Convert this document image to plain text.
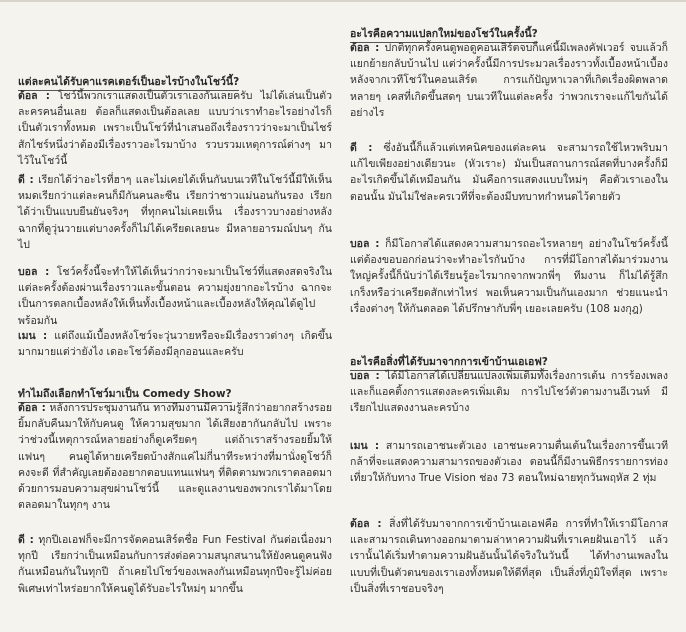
แต่ละคนได้รับคาแรคเตอร์เป็นอะไรบ้างในโชว์นี้?

ต้อล : โชว์นี้พวกเราแสดงเป็นตัวเราเองกันเลยครับ ไม่ได้เล่นเป็นตัวละครคนอื่นเลย ต้อลก็แสดงเป็นต้อลเลย แบบว่าเราทำอะไรอย่างไรก็เป็นตัวเราทั้งหมด เพราะเป็นโชว์ที่นำเสนอถึงเรื่องราวว่าจะมาเป็นไชร์สักไชร์หนึ่งว่าต้องมีเรื่องราวอะไรมาบ้าง รวบรวมเหตุการณ์ต่างๆ มาไว้ในโชว์นี้

ดี : เรียกได้ว่าอะไรที่ฮาๆ และไม่เคยได้เห็นกันบนเวทีในโชว์นี้มีให้เห็นหมดเรียกว่าแต่ละคนก็มีกันคนละซีน เรียกว่าชาวแม่นอนกันรอง เรียกได้ว่าเป็นแบบยืนยันจริงๆ ที่ทุกคนไม่เคยเห็น เรื่องราวบางอย่างหลังฉากที่ดูวุ่นวายแต่บางครั้งก็ไม่ได้เครียดเลยนะ มีหลายอารมณ์ปนๆ กันไป

บอล : โชว์ครั้งนี้จะทำให้ได้เห็นว่ากว่าจะมาเป็นโชว์ที่แสดงสดจริงในแต่ละครั้งต้องผ่านเรื่องราวและขั้นตอน ความยุ่งยากอะไรบ้าง ฉากจะเป็นการตลกเบื้องหลังให้เห็นทั้งเบื้องหน้าและเบื้องหลังให้คุณได้ดูไปพร้อมกัน

เมน : แต่ถึงแม้เบื้องหลังโชว์จะวุ่นวายหรือจะมีเรื่องราวต่างๆ เกิดขึ้นมากมายแต่ว่ายังไง เดอะโชว์ต้องมีลุกออนและครับ

ทำไมถึงเลือกทำโชว์มาเป็น Comedy Show?

ต้อล : หลังการประชุมงานกัน ทางทีมงานมีความรู้สึกว่าอยากสร้างรอยยิ้มกลับคืนมาให้กับคนดู ให้ความสุขมาก ได้เสียงฮากันกลับไป เพราะว่าช่วงนี้เหตุการณ์หลายอย่างก็ดูเครียดๆ แต่ถ้าเราสร้างรอยยิ้มให้แฟนๆ คนดูได้หายเครียดบ้างสักแค่ไม่กี่นาทีระหว่างที่มานั่งดูโชว์ก็คงจะดี ที่สำคัญเลยต้องอยากตอบแทนแฟนๆ ที่ติดตามพวกเราตลอดมาด้วยการมอบความสุขผ่านโชว์นี้ และดูแลงานของพวกเราได้มาโดยตลอดมาในทุกๆ งาน

ดี : ทุกปีเอเอฟก็จะมีการจัดคอนเสิร์ตชื่อ Fun Festival กันต่อเนื่องมาทุกปี เรียกว่าเป็นเหมือนกับการส่งต่อความสนุกสนานให้ยังคนดูคนฟังกันเหมือนกันในทุกปี ถ้าเคยไปโชว์ของเพลงกันเหมือนทุกปีจะรู้ไม่ค่อยพิเศษเท่าไหร่อยากให้คนดูได้รับอะไรใหม่ๆ มากขึ้น

อะไรคือความแปลกใหม่ของโชว์ในครั้งนี้?

ต้อล : ปกติทุกครั้งคนดูพอดูคอนเสิร์ตจบก็แค่นี้มีเพลงคัฟเวอร์ จบแล้วก็แยกย้ายกลับบ้านไป แต่ว่าครั้งนี้มีการประมวลเรื่องราวทั้งเบื้องหน้าเบื้องหลังจากเวทีโชว์ในคอนเสิร์ต การแก้ปัญหาเวลาที่เกิดเรื่องผิดพลาดหลายๆ เคสที่เกิดขึ้นสดๆ บนเวทีในแต่ละครั้ง ว่าพวกเราจะแก้ไขกันได้อย่างไร

ดี : ซึ่งอันนี้ก็แล้วแต่เทคนิคของแต่ละคน จะสามารถใช้ไหวพริบมาแก้ไขเพียงอย่างเดียวนะ (หัวเราะ) มันเป็นสถานการณ์สดที่บางครั้งก็มีอะไรเกิดขึ้นได้เหมือนกัน มันคือการแสดงแบบใหม่ๆ คือตัวเราเองในตอนนั้น มันไม่ใช่ละครเวทีที่จะต้องมีบทบาทกำหนดไว้ตายตัว

บอล : ก็มีโอกาสได้แสดงความสามารถอะไรหลายๆ อย่างในโชว์ครั้งนี้ แต่ต้องขอบอกก่อนว่าจะทำอะไรกันบ้าง การที่มีโอกาสได้มาร่วมงานใหญ่ครั้งนี้ก็นับว่าได้เรียนรู้อะไรมากจากพวกพี่ๆ ทีมงาน ก็ไม่ได้รู้สึกเกร็งหรือว่าเครียดสักเท่าไหร่ พอเห็นความเป็นกันเองมาก ช่วยแนะนำเรื่องต่างๆ ให้กันตลอด ได้ปรึกษากับพี่ๆ เยอะเลยครับ (108 มงกุฎ)

อะไรคือสิ่งที่ได้รับมาจากการเข้าบ้านเอเอฟ?

บอล : ได้มีโอกาสได้เปลี่ยนแปลงเพิ่มเติมทั้งเรื่องการเต้น การร้องเพลง และก็แอคติ้งการแสดงละครเพิ่มเติม การไปโชว์ตัวตามงานอีเวนท์ มีเรียกไปแสดงงานละครบ้าง

เมน : สามารถเอาชนะตัวเอง เอาชนะความตื่นเต้นในเรื่องการขึ้นเวที กล้าที่จะแสดงความสามารถของตัวเอง ตอนนี้ก็มีงานพิธีกรรายการท่องเที่ยวให้กับทาง True Vision ช่อง 73 ตอนใหม่ฉายทุกวันพฤหัส 2 ทุ่ม

ต้อล : สิ่งที่ได้รับมาจากการเข้าบ้านเอเอฟคือ การที่ทำให้เรามีโอกาสและสามารถเดินทางออกมาตามล่าหาความฝันที่เราเคยฝันเอาไว้ แล้วเรานั้นได้เริ่มทำตามความฝันอันนั้นได้จริงในวันนี้ ได้ทำงานเพลงในแบบที่เป็นตัวตนของเราเองทั้งหมดให้ดีที่สุด เป็นสิ่งที่ภูมิใจที่สุด เพราะเป็นสิ่งที่เราชอบจริงๆ
